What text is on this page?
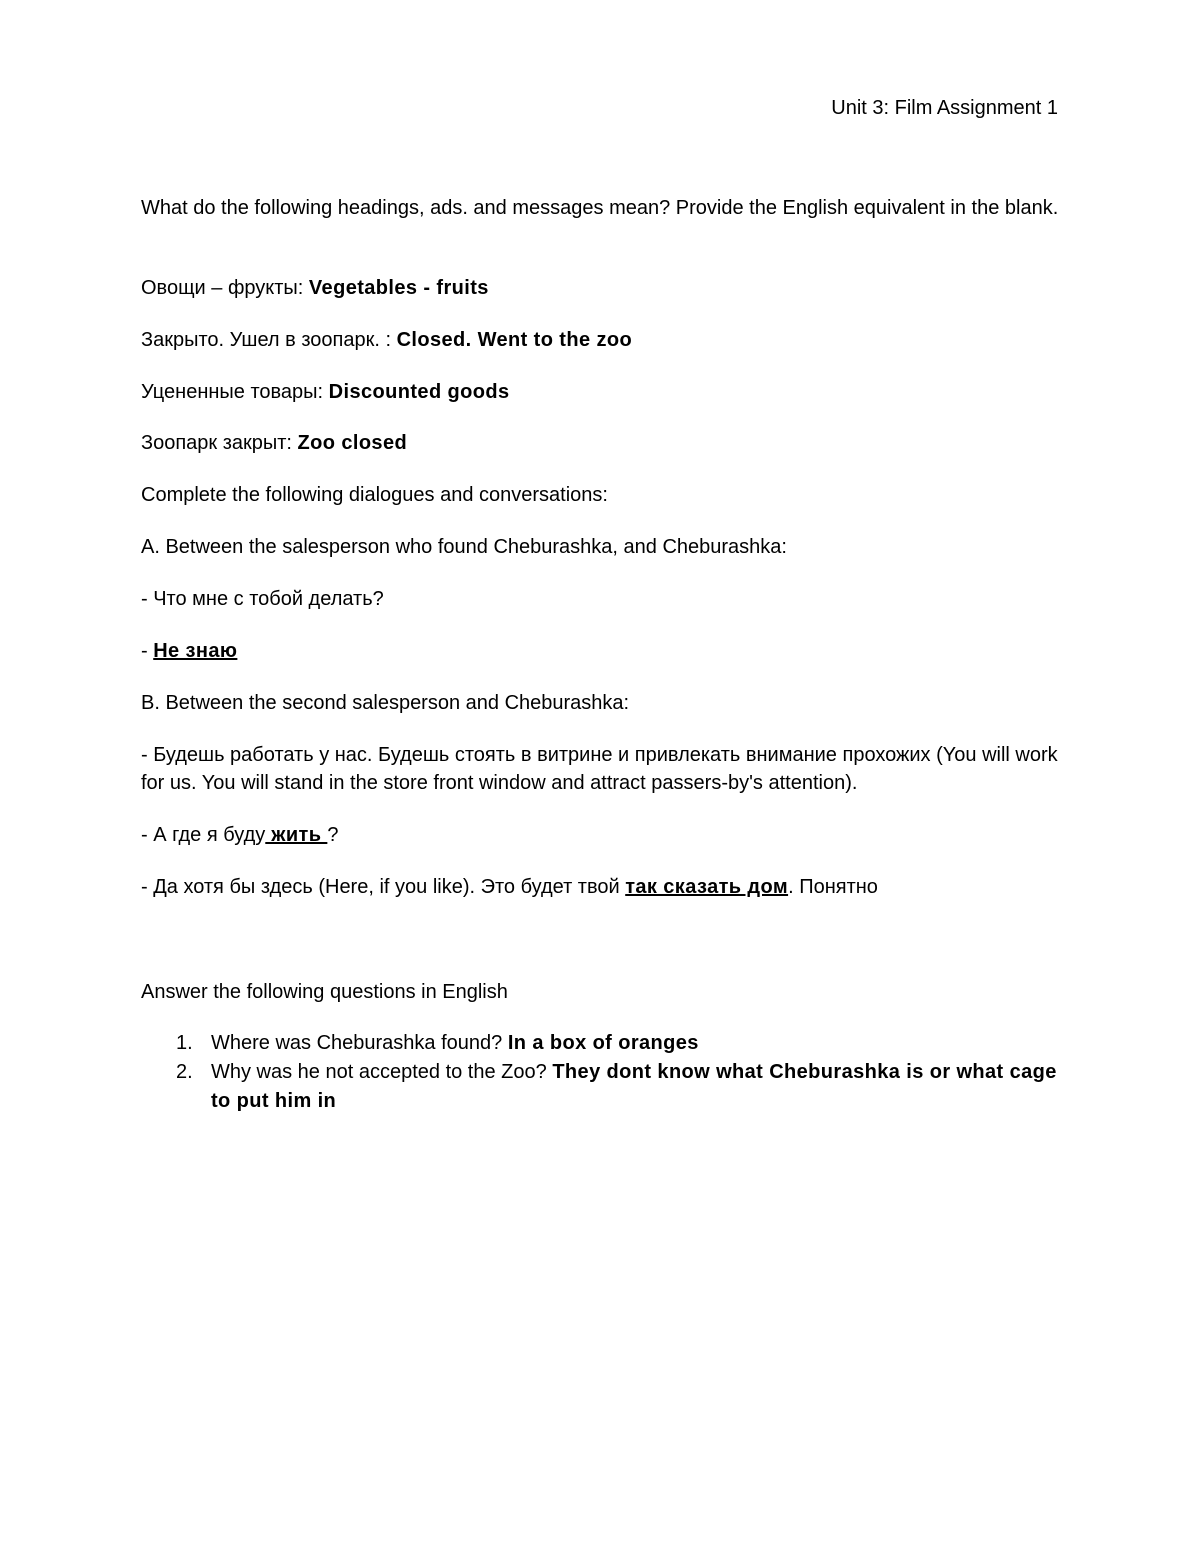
Unit 3: Film Assignment 1
What do the following headings, ads. and messages mean? Provide the English equivalent in the blank.
Овощи – фрукты: Vegetables - fruits
Закрыто. Ушел в зоопарк. : Closed. Went to the zoo
Уцененные товары: Discounted goods
Зоопарк закрыт: Zoo closed
Complete the following dialogues and conversations:
A. Between the salesperson who found Cheburashka, and Cheburashka:
- Что мне с тобой делать?
- Не знаю
B. Between the second salesperson and Cheburashka:
- Будешь работать у нас. Будешь стоять в витрине и привлекать внимание прохожих (You will work for us. You will stand in the store front window and attract passers-by's attention).
- А где я буду жить ?
- Да хотя бы здесь (Here, if you like). Это будет твой так сказать дом. Понятно
Answer the following questions in English
1. Where was Cheburashka found? In a box of oranges
2. Why was he not accepted to the Zoo? They dont know what Cheburashka is or what cage to put him in
